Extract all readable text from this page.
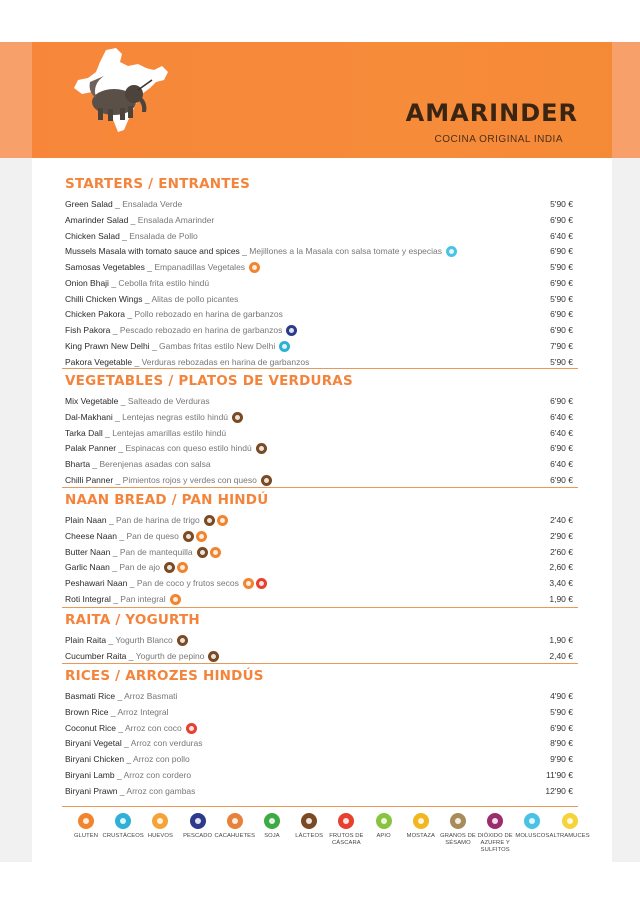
AMARINDER
COCINA ORIGINAL INDIA
STARTERS / ENTRANTES
Green Salad _ Ensalada Verde	5'90 €
Amarinder Salad _ Ensalada Amarinder	6'90 €
Chicken Salad _ Ensalada de Pollo	6'40 €
Mussels Masala with tomato sauce and spices _ Mejillones a la Masala con salsa tomate y especias	6'90 €
Samosas Vegetables _ Empanadillas Vegetales	5'90 €
Onion Bhaji _ Cebolla frita estilo hindú	6'90 €
Chilli Chicken Wings _ Alitas de pollo picantes	5'90 €
Chicken Pakora _ Pollo rebozado en harina de garbanzos	6'90 €
Fish Pakora _ Pescado rebozado en harina de garbanzos	6'90 €
King Prawn New Delhi _ Gambas fritas estilo New Delhi	7'90 €
Pakora Vegetable _ Verduras rebozadas en harina de garbanzos	5'90 €
VEGETABLES / PLATOS DE VERDURAS
Mix Vegetable _ Salteado de Verduras	6'90 €
Dal-Makhani _ Lentejas negras estilo hindú	6'40 €
Tarka Dall _ Lentejas amarillas estilo hindú	6'40 €
Palak Panner _ Espinacas con queso estilo hindú	6'90 €
Bharta _ Berenjenas asadas con salsa	6'40 €
Chilli Panner _ Pimientos rojos y verdes con queso	6'90 €
NAAN BREAD / PAN HINDÚ
Plain Naan _ Pan de harina de trigo	2'40 €
Cheese Naan _ Pan de queso	2'90 €
Butter Naan _ Pan de mantequilla	2'60 €
Garlic Naan _ Pan de ajo	2,60 €
Peshawari Naan _ Pan de coco y frutos secos	3,40 €
Roti Integral _ Pan integral	1,90 €
RAITA / YOGURTH
Plain Raita _ Yogurth Blanco	1,90 €
Cucumber Raita _ Yogurth de pepino	2,40 €
RICES / ARROZES HINDÚS
Basmati Rice _ Arroz Basmati	4'90 €
Brown Rice _ Arroz Integral	5'90 €
Coconut Rice _ Arroz con coco	6'90 €
Biryani Vegetal _ Arroz con verduras	8'90 €
Biryani Chicken _ Arroz con pollo	9'90 €
Biryani Lamb _ Arroz con cordero	11'90 €
Biryani Prawn _ Arroz con gambas	12'90 €
GLUTEN CRUSTÁCEOS HUEVOS	PESCADO CACAHUETES	SOJA	LÁCTEOS	FRUTOS DE CÁSCARA
APIO	MOSTAZA GRANOS DE SÉSAMO
DIÓXIDO DE AZUFRE Y SULFITOS
MOLUSCOS ALTRAMUCES
